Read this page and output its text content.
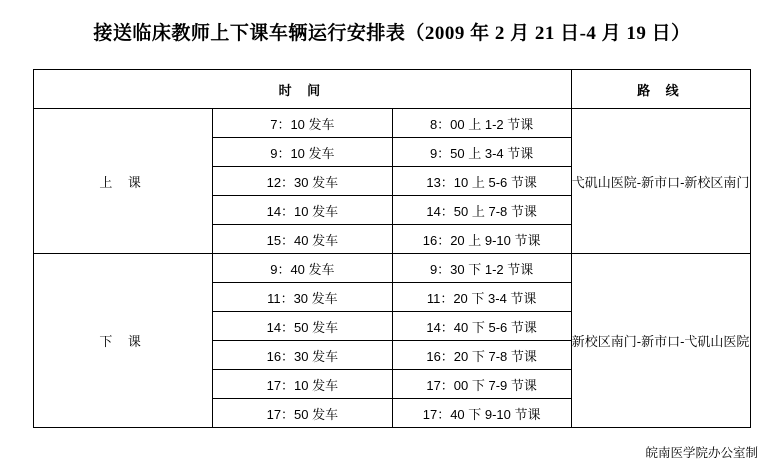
接送临床教师上下课车辆运行安排表（2009 年 2 月 21 日-4 月 19 日）
时 间			路 线
上 课	7：10 发车	8：00 上 1-2 节课	弋矶山医院-新市口-新校区南门
	9：10 发车	9：50 上 3-4 节课	
	12：30 发车	13：10 上 5-6 节课	
	14：10 发车	14：50 上 7-8 节课	
	15：40 发车	16：20 上 9-10 节课	
下 课	9：40 发车	9：30 下 1-2 节课	新校区南门-新市口-弋矶山医院
	11：30 发车	11：20 下 3-4 节课	
	14：50 发车	14：40 下 5-6 节课	
	16：30 发车	16：20 下 7-8 节课	
	17：10 发车	17：00 下 7-9 节课	
	17：50 发车	17：40 下 9-10 节课	
皖南医学院办公室制
